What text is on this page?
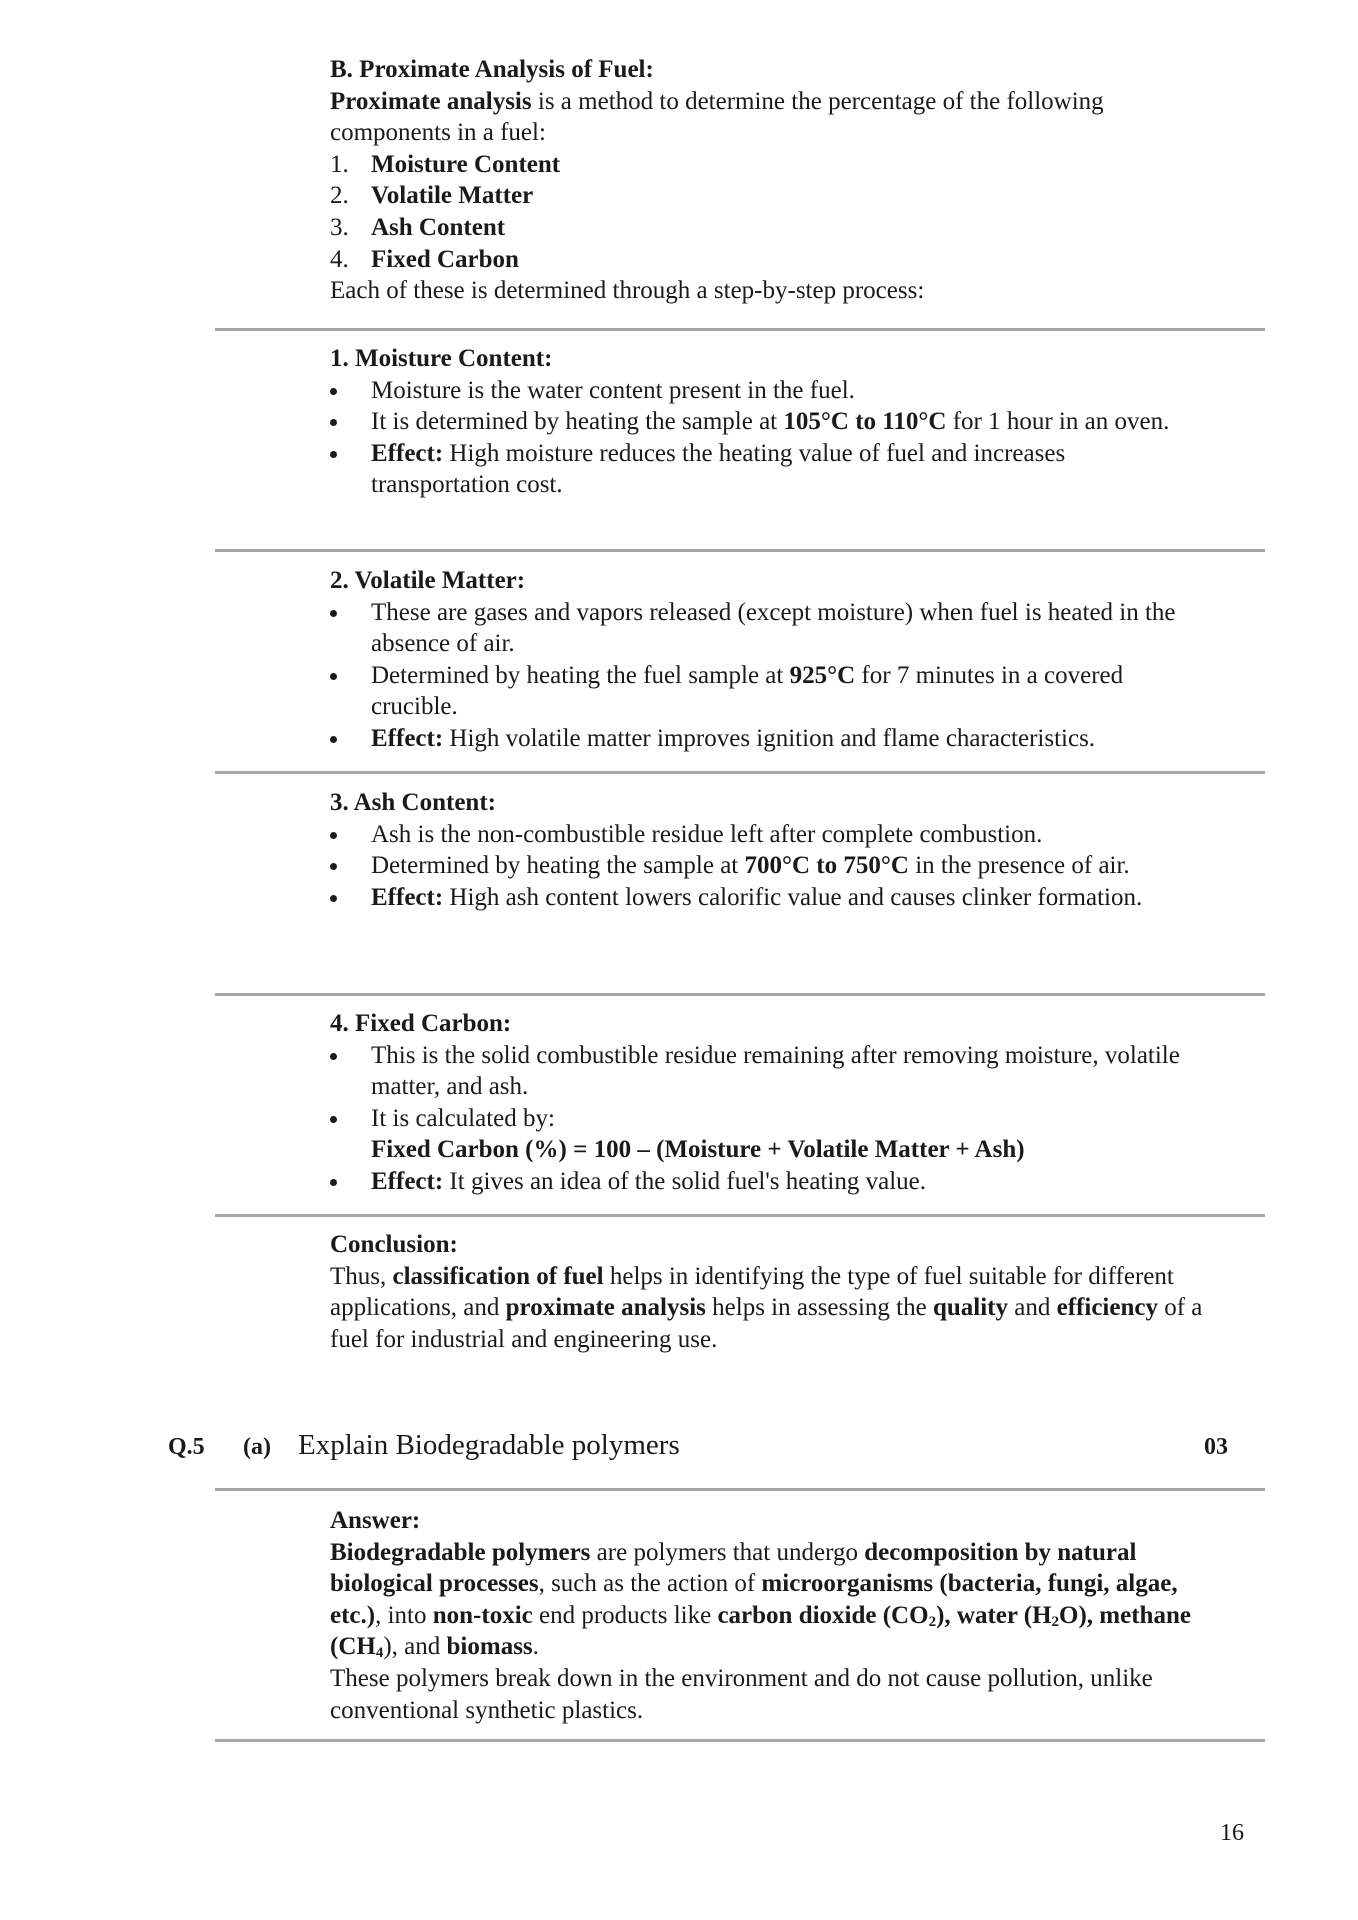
B. Proximate Analysis of Fuel:

Proximate analysis is a method to determine the percentage of the following components in a fuel:

1. Moisture Content
2. Volatile Matter
3. Ash Content
4. Fixed Carbon

Each of these is determined through a step-by-step process:

1. Moisture Content:

Moisture is the water content present in the fuel.
It is determined by heating the sample at 105°C to 110°C for 1 hour in an oven.
Effect: High moisture reduces the heating value of fuel and increases transportation cost.

2. Volatile Matter:

These are gases and vapors released (except moisture) when fuel is heated in the absence of air.
Determined by heating the fuel sample at 925°C for 7 minutes in a covered crucible.
Effect: High volatile matter improves ignition and flame characteristics.

3. Ash Content:

Ash is the non-combustible residue left after complete combustion.
Determined by heating the sample at 700°C to 750°C in the presence of air.
Effect: High ash content lowers calorific value and causes clinker formation.

4. Fixed Carbon:

This is the solid combustible residue remaining after removing moisture, volatile matter, and ash.
It is calculated by:
Fixed Carbon (%) = 100 – (Moisture + Volatile Matter + Ash)
Effect: It gives an idea of the solid fuel's heating value.

Conclusion:

Thus, classification of fuel helps in identifying the type of fuel suitable for different applications, and proximate analysis helps in assessing the quality and efficiency of a fuel for industrial and engineering use.

Q.5 (a) Explain Biodegradable polymers	03

Answer:

Biodegradable polymers are polymers that undergo decomposition by natural biological processes, such as the action of microorganisms (bacteria, fungi, algae, etc.), into non-toxic end products like carbon dioxide $(CO_2)$, water $(H_2O)$, methane $(CH_4)$, and biomass.

These polymers break down in the environment and do not cause pollution, unlike conventional synthetic plastics.

16
